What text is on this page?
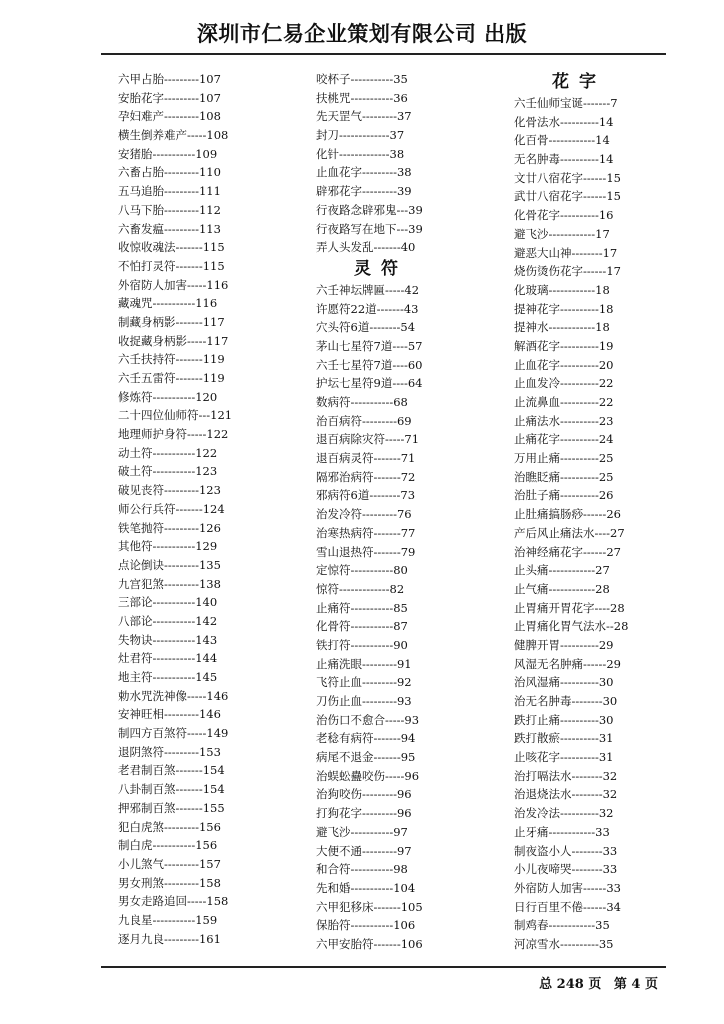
深圳市仁易企业策划有限公司 出版
六甲占胎---------107
安胎花字---------107
孕妇难产---------108
横生倒养难产-----108
安猪胎-----------109
六畜占胎---------110
五马追胎---------111
八马下胎---------112
六畜发瘟---------113
收惊收魂法-------115
不怕打灵符-------115
外宿防人加害-----116
藏魂咒-----------116
制藏身柄影-------117
收捉藏身柄影-----117
六壬扶持符-------119
六壬五雷符-------119
修炼符-----------120
二十四位仙师符---121
地理师护身符-----122
动土符-----------122
破土符-----------123
破见丧符---------123
师公行兵符-------124
铁笔抛符---------126
其他符-----------129
点论倒诀---------135
九宫犯煞---------138
三部论-----------140
八部论-----------142
失物诀-----------143
灶君符-----------144
地主符-----------145
勅水咒洗神像-----146
安神旺相---------146
制四方百煞符-----149
退阴煞符---------153
老君制百煞-------154
八卦制百煞-------154
押邪制百煞-------155
犯白虎煞---------156
制白虎-----------156
小儿煞气---------157
男女刑煞---------158
男女走路追回-----158
九良星-----------159
逐月九良---------161
咬杯子-----------35
扶桃咒-----------36
先天罡气---------37
封刀-------------37
化针-------------38
止血花字---------38
辟邪花字---------39
行夜路念辟邪鬼---39
行夜路写在地下---39
弄人头发乱-------40
灵符
六壬神坛牌匾-----42
许愿符22道-------43
穴头符6道--------54
茅山七星符7道----57
六壬七星符7道----60
护坛七星符9道----64
数病符-----------68
治百病符---------69
退百病除灾符-----71
退百病灵符-------71
隔邪治病符-------72
邪病符6道--------73
治发冷符---------76
治寒热病符-------77
雪山退热符-------79
定惊符-----------80
惊符-------------82
止痛符-----------85
化骨符-----------87
铁打符-----------90
止痛洗眼---------91
飞符止血---------92
刀伤止血---------93
治伤口不愈合-----93
老稔有病符-------94
病尾不退金-------95
治蜈蚣蠱咬伤-----96
治狗咬伤---------96
打狗花字---------96
避飞沙-----------97
大便不通---------97
和合符-----------98
先和婚-----------104
六甲犯移床-------105
保胎符-----------106
六甲安胎符-------106
花字
六壬仙师宝诞-------7
化骨法水----------14
化百骨------------14
无名肿毒----------14
文廿八宿花字------15
武廿八宿花字------15
化骨花字----------16
避飞沙------------17
避恶大山神--------17
烧伤烫伤花字------17
化玻璃------------18
提神花字----------18
提神水------------18
解酒花字----------19
止血花字----------20
止血发冷----------22
止流鼻血----------22
止痛法水----------23
止痛花字----------24
万用止痛----------25
治瞧眨痛----------25
治肚子痛----------26
止肚痛搞肠痧------26
产后风止痛法水----27
治神经痛花字------27
止头痛------------27
止气痛------------28
止胃痛开胃花字----28
止胃痛化胃气法水--28
健脾开胃----------29
风湿无名肿痛------29
治风湿痛----------30
治无名肿毒--------30
跌打止痛----------30
跌打散瘀----------31
止咳花字----------31
治打嗝法水--------32
治退烧法水--------32
治发冷法----------32
止牙痛------------33
制夜盗小人--------33
小儿夜啼哭--------33
外宿防人加害------33
日行百里不倦------34
制鸡春------------35
河凉雪水----------35
总 248 页 第 4 页
